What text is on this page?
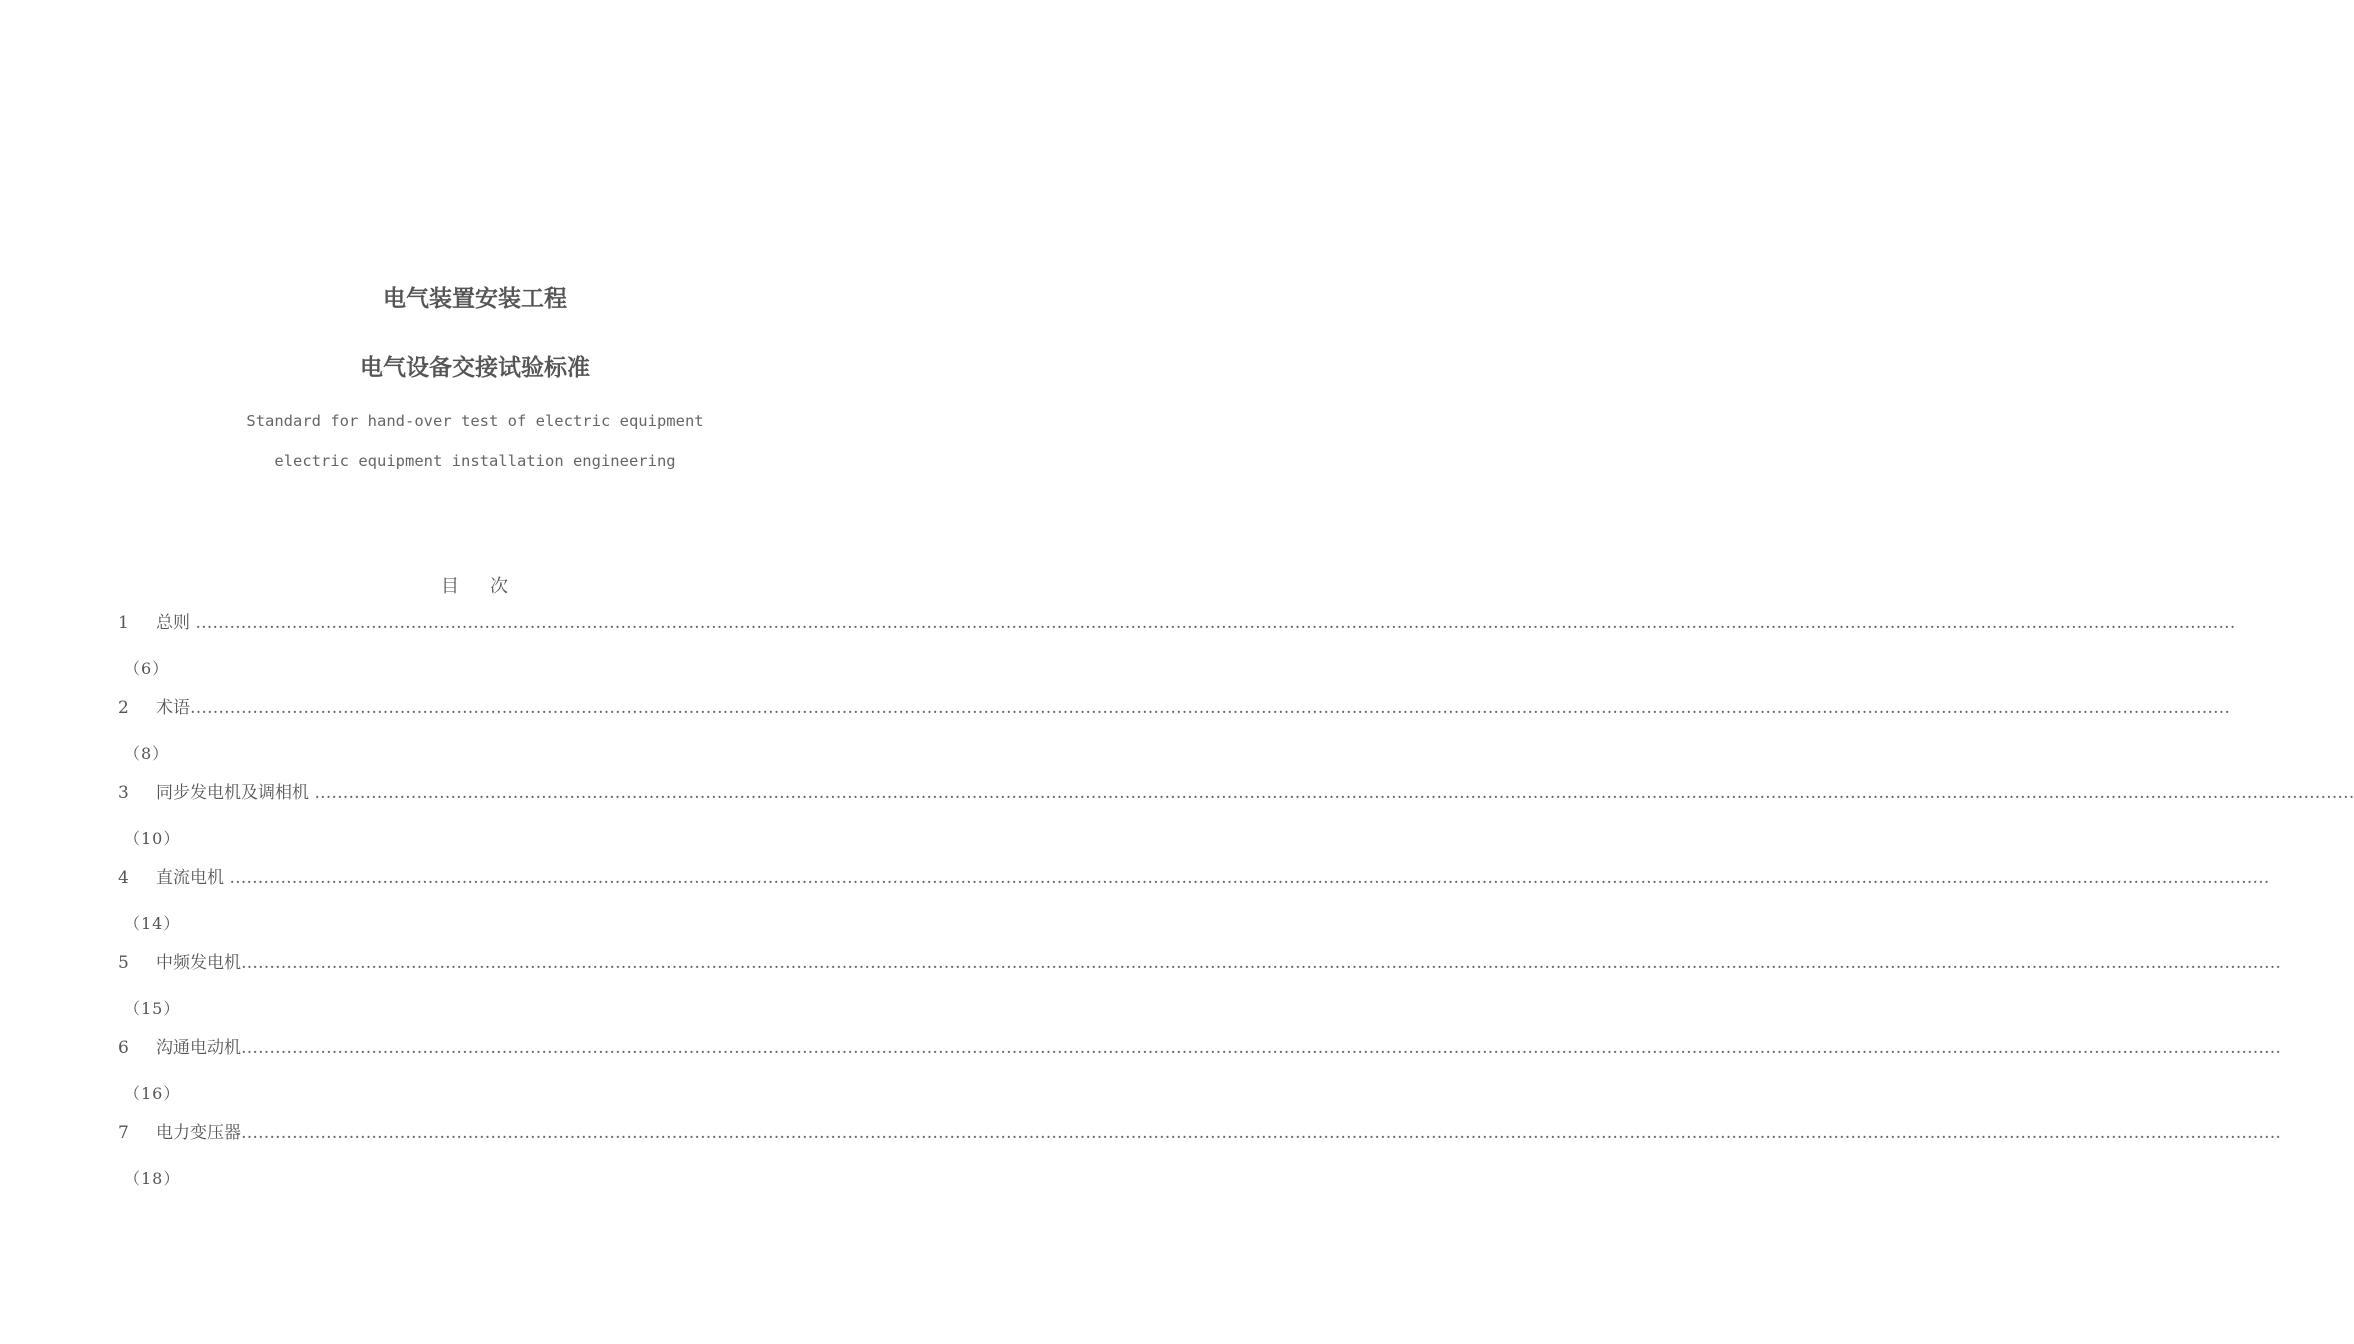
电气装置安装工程
电气设备交接试验标准
Standard for hand-over test of electric equipment
electric equipment installation engineering
目 次
1 总则 ………………………………………………………………………………………………………………………………………………………………………………………………………………………………………………………………………………………………………………………………
（6）
2 术语………………………………………………………………………………………………………………………………………………………………………………………………………………………………………………………………………………………………………………………………
（8）
3 同步发电机及调相机 ………………………………………………………………………………………………………………………………………………………………………………………………………………………………………………………………………………………………………………………………
（10）
4 直流电机 ………………………………………………………………………………………………………………………………………………………………………………………………………………………………………………………………………………………………………………………………
（14）
5 中频发电机………………………………………………………………………………………………………………………………………………………………………………………………………………………………………………………………………………………………………………………………
（15）
6 沟通电动机………………………………………………………………………………………………………………………………………………………………………………………………………………………………………………………………………………………………………………………………
（16）
7 电力变压器………………………………………………………………………………………………………………………………………………………………………………………………………………………………………………………………………………………………………………………………
（18）
